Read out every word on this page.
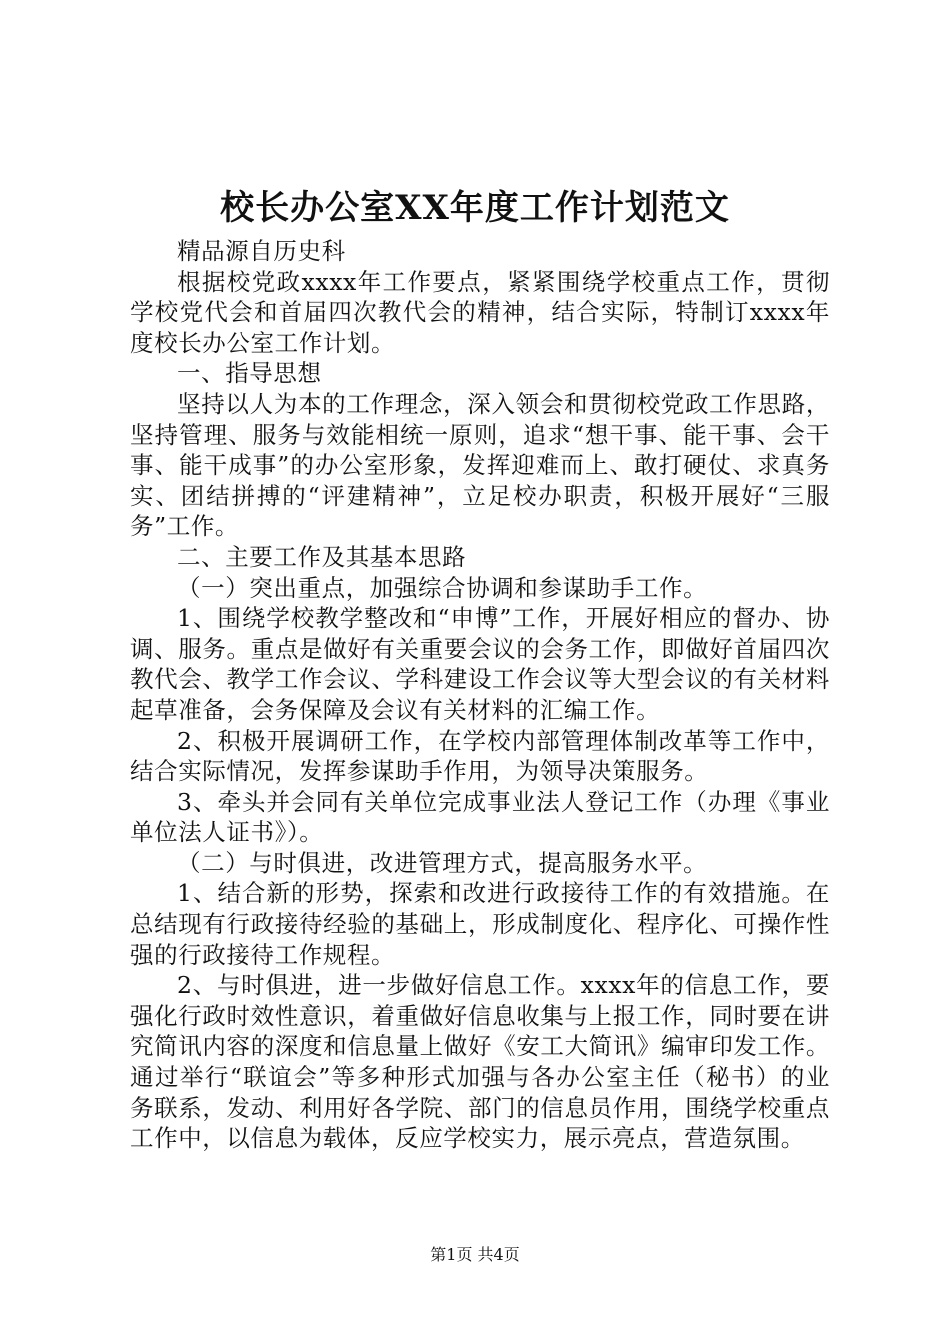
校长办公室XX年度工作计划范文

精品源自历史科

根据校党政xxxx年工作要点，紧紧围绕学校重点工作，贯彻学校党代会和首届四次教代会的精神，结合实际，特制订xxxx年度校长办公室工作计划。

一、指导思想

坚持以人为本的工作理念，深入领会和贯彻校党政工作思路，坚持管理、服务与效能相统一原则，追求“想干事、能干事、会干事、能干成事”的办公室形象，发挥迎难而上、敢打硬仗、求真务实、团结拼搏的“评建精神”，立足校办职责，积极开展好“三服务”工作。

二、主要工作及其基本思路

（一）突出重点，加强综合协调和参谋助手工作。

1、围绕学校教学整改和“申博”工作，开展好相应的督办、协调、服务。重点是做好有关重要会议的会务工作，即做好首届四次教代会、教学工作会议、学科建设工作会议等大型会议的有关材料起草准备，会务保障及会议有关材料的汇编工作。

2、积极开展调研工作，在学校内部管理体制改革等工作中，结合实际情况，发挥参谋助手作用，为领导决策服务。

3、牵头并会同有关单位完成事业法人登记工作（办理《事业单位法人证书》）。

（二）与时俱进，改进管理方式，提高服务水平。

1、结合新的形势，探索和改进行政接待工作的有效措施。在总结现有行政接待经验的基础上，形成制度化、程序化、可操作性强的行政接待工作规程。

2、与时俱进，进一步做好信息工作。xxxx年的信息工作，要强化行政时效性意识，着重做好信息收集与上报工作，同时要在讲究简讯内容的深度和信息量上做好《安工大简讯》编审印发工作。通过举行“联谊会”等多种形式加强与各办公室主任（秘书）的业务联系，发动、利用好各学院、部门的信息员作用，围绕学校重点工作中，以信息为载体，反应学校实力，展示亮点，营造氛围。

第1页 共4页
